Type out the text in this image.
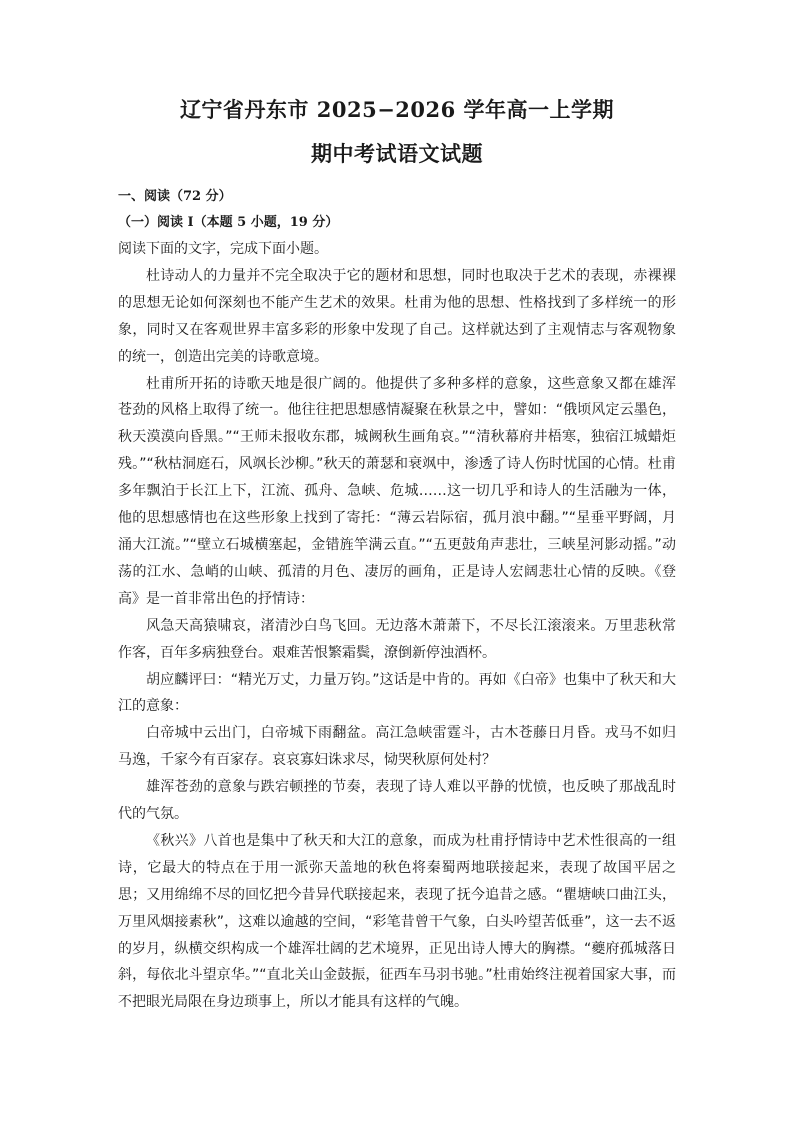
辽宁省丹东市 2025−2026 学年高一上学期
期中考试语文试题

一、阅读（72 分）

（一）阅读 I（本题 5 小题，19 分）

阅读下面的文字，完成下面小题。

杜诗动人的力量并不完全取决于它的题材和思想，同时也取决于艺术的表现，赤裸裸的思想无论如何深刻也不能产生艺术的效果。杜甫为他的思想、性格找到了多样统一的形象，同时又在客观世界丰富多彩的形象中发现了自己。这样就达到了主观情志与客观物象的统一，创造出完美的诗歌意境。

杜甫所开拓的诗歌天地是很广阔的。他提供了多种多样的意象，这些意象又都在雄浑苍劲的风格上取得了统一。他往往把思想感情凝聚在秋景之中，譬如：“俄顷风定云墨色，秋天漠漠向昏黑。”“王师未报收东郡，城阙秋生画角哀。”“清秋幕府井梧寒，独宿江城蜡炬残。”“秋枯洞庭石，风飒长沙柳。”秋天的萧瑟和衰飒中，渗透了诗人伤时忧国的心情。杜甫多年飘泊于长江上下，江流、孤舟、急峡、危城……这一切几乎和诗人的生活融为一体，他的思想感情也在这些形象上找到了寄托：“薄云岩际宿，孤月浪中翻。”“星垂平野阔，月涌大江流。”“壁立石城横塞起，金错旌竿满云直。”“五更鼓角声悲壮，三峡星河影动摇。”动荡的江水、急峭的山峡、孤清的月色、凄厉的画角，正是诗人宏阔悲壮心情的反映。《登高》是一首非常出色的抒情诗：

风急天高猿啸哀，渚清沙白鸟飞回。无边落木萧萧下，不尽长江滚滚来。万里悲秋常作客，百年多病独登台。艰难苦恨繁霜鬓，潦倒新停浊酒杯。

胡应麟评曰：“精光万丈，力量万钧。”这话是中肯的。再如《白帝》也集中了秋天和大江的意象：

白帝城中云出门，白帝城下雨翻盆。高江急峡雷霆斗，古木苍藤日月昏。戎马不如归马逸，千家今有百家存。哀哀寡妇诛求尽，恸哭秋原何处村？

雄浑苍劲的意象与跌宕顿挫的节奏，表现了诗人难以平静的忧愤，也反映了那战乱时代的气氛。

《秋兴》八首也是集中了秋天和大江的意象，而成为杜甫抒情诗中艺术性很高的一组诗，它最大的特点在于用一派弥天盖地的秋色将秦蜀两地联接起来，表现了故国平居之思；又用绵绵不尽的回忆把今昔异代联接起来，表现了抚今追昔之感。“瞿塘峡口曲江头，万里风烟接素秋”，这难以逾越的空间，“彩笔昔曾干气象，白头吟望苦低垂”，这一去不返的岁月，纵横交织构成一个雄浑壮阔的艺术境界，正见出诗人博大的胸襟。“夔府孤城落日斜，每依北斗望京华。”“直北关山金鼓振，征西车马羽书驰。”杜甫始终注视着国家大事，而不把眼光局限在身边琐事上，所以才能具有这样的气魄。
